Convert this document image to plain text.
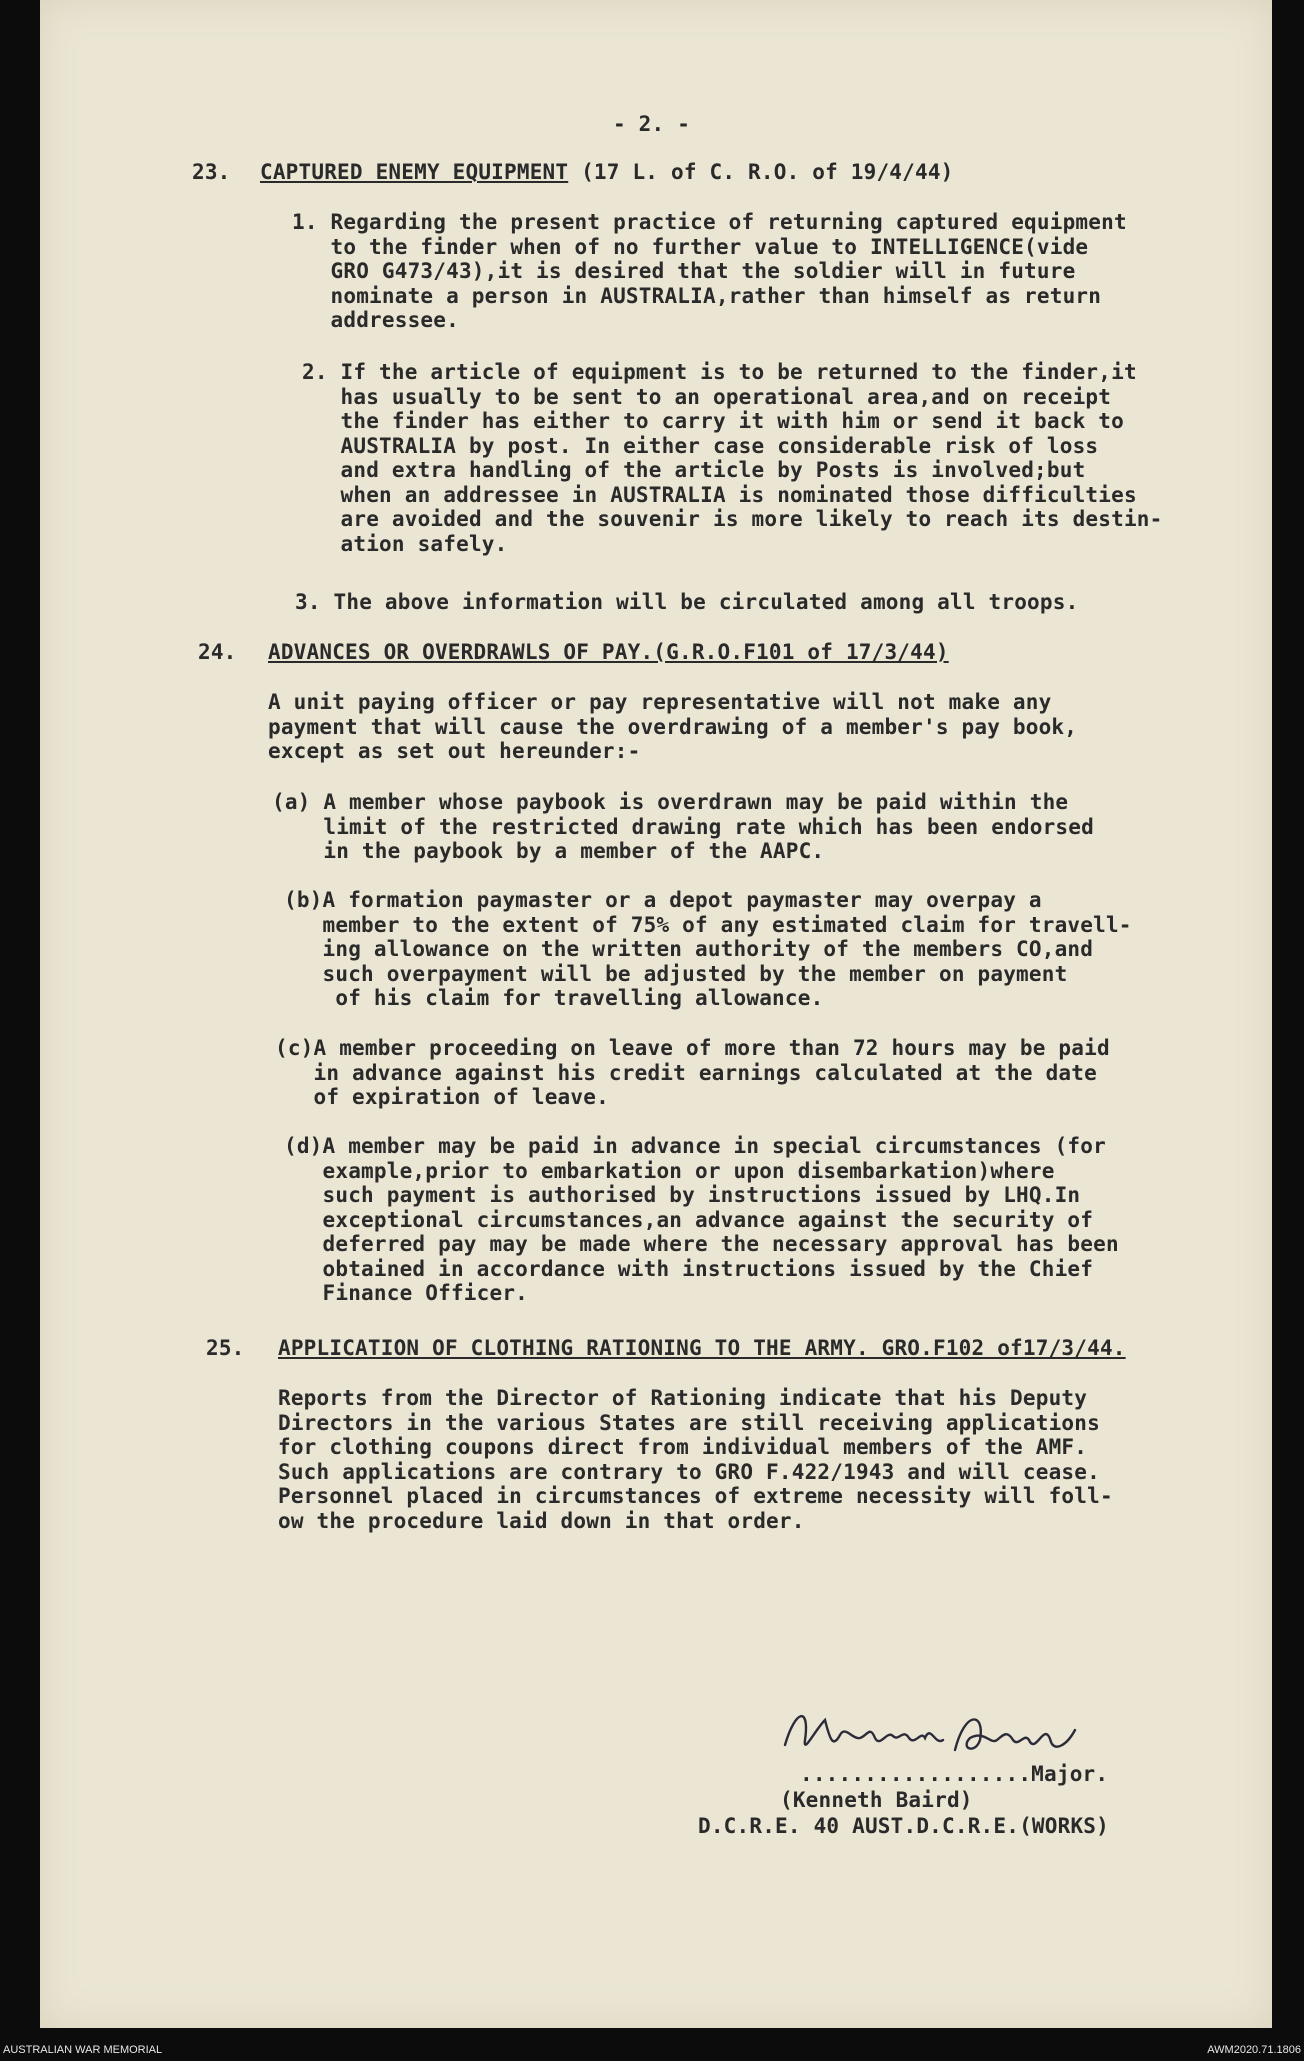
- 2. -
23. CAPTURED ENEMY EQUIPMENT (17 L. of C. R.O. of 19/4/44)
1. Regarding the present practice of returning captured equipment
to the finder when of no further value to INTELLIGENCE(vide
GRO G473/43),it is desired that the soldier will in future
nominate a person in AUSTRALIA,rather than himself as return
addressee.
2. If the article of equipment is to be returned to the finder,it
has usually to be sent to an operational area,and on receipt
the finder has either to carry it with him or send it back to
AUSTRALIA by post. In either case considerable risk of loss
and extra handling of the article by Posts is involved;but
when an addressee in AUSTRALIA is nominated those difficulties
are avoided and the souvenir is more likely to reach its destin-
ation safely.
3. The above information will be circulated among all troops.
24. ADVANCES OR OVERDRAWLS OF PAY.(G.R.O.F101 of 17/3/44)
A unit paying officer or pay representative will not make any
payment that will cause the overdrawing of a member's pay book,
except as set out hereunder:-
(a) A member whose paybook is overdrawn may be paid within the
limit of the restricted drawing rate which has been endorsed
in the paybook by a member of the AAPC.
(b)A formation paymaster or a depot paymaster may overpay a
member to the extent of 75% of any estimated claim for travell-
ing allowance on the written authority of the members CO,and
such overpayment will be adjusted by the member on payment
of his claim for travelling allowance.
(c)A member proceeding on leave of more than 72 hours may be paid
in advance against his credit earnings calculated at the date
of expiration of leave.
(d)A member may be paid in advance in special circumstances (for
example,prior to embarkation or upon disembarkation)where
such payment is authorised by instructions issued by LHQ.In
exceptional circumstances,an advance against the security of
deferred pay may be made where the necessary approval has been
obtained in accordance with instructions issued by the Chief
Finance Officer.
25. APPLICATION OF CLOTHING RATIONING TO THE ARMY. GRO.F102 of17/3/44.
Reports from the Director of Rationing indicate that his Deputy
Directors in the various States are still receiving applications
for clothing coupons direct from individual members of the AMF.
Such applications are contrary to GRO F.422/1943 and will cease.
Personnel placed in circumstances of extreme necessity will foll-
ow the procedure laid down in that order.
..................Major.
(Kenneth Baird)
D.C.R.E. 40 AUST.D.C.R.E.(WORKS)
AUSTRALIAN WAR MEMORIAL	AWM2020.71.1806
